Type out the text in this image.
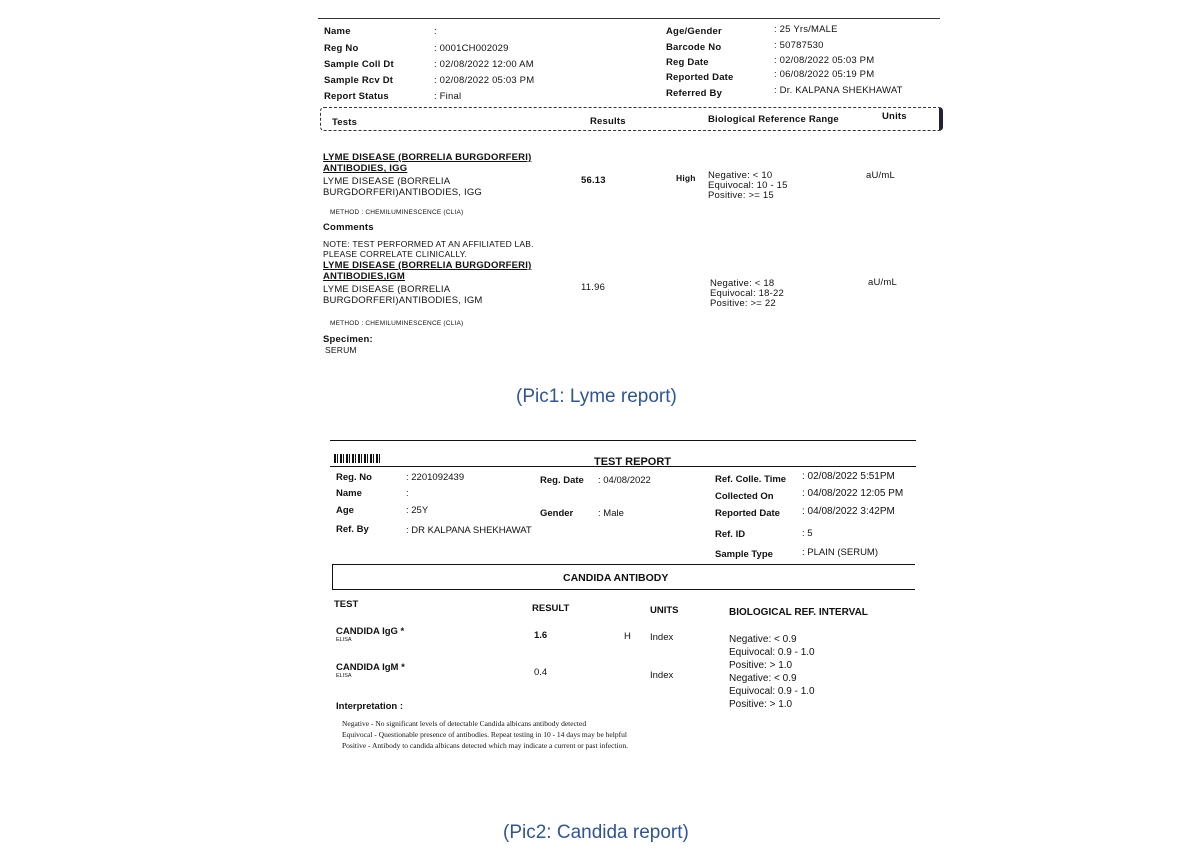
Name	:
Reg No	: 0001CH002029
Sample Coll Dt	: 02/08/2022 12:00 AM
Sample Rcv Dt	: 02/08/2022 05:03 PM
Report Status	: Final
Age/Gender	: 25 Yrs/MALE
Barcode No	: 50787530
Reg Date	: 02/08/2022 05:03 PM
Reported Date	: 06/08/2022 05:19 PM
Referred By	: Dr. KALPANA SHEKHAWAT
Tests	Results	Biological Reference Range	Units
LYME DISEASE (BORRELIA BURGDORFERI)
ANTIBODIES, IGG
LYME DISEASE (BORRELIA
BURGDORFERI)ANTIBODIES, IGG
56.13	High Negative: < 10
Equivocal: 10 - 15
Positive: >= 15
aU/mL
METHOD : CHEMILUMINESCENCE (CLIA)
Comments
NOTE: TEST PERFORMED AT AN AFFILIATED LAB.
PLEASE CORRELATE CLINICALLY.
LYME DISEASE (BORRELIA BURGDORFERI)
ANTIBODIES,IGM
LYME DISEASE (BORRELIA
BURGDORFERI)ANTIBODIES, IGM
11.96	Negative: < 18
Equivocal: 18-22
Positive: >= 22
aU/mL
METHOD : CHEMILUMINESCENCE (CLIA)
Specimen:
SERUM
(Pic1: Lyme report)
TEST REPORT
Reg. No	: 2201092439
Name	:
Age	: 25Y
Ref. By	: DR KALPANA SHEKHAWAT
Reg. Date : 04/08/2022
Gender	: Male
Ref. Colle. Time : 02/08/2022 5:51PM
Collected On	: 04/08/2022 12:05 PM
Reported Date : 04/08/2022 3:42PM
Ref. ID	: 5
Sample Type	: PLAIN (SERUM)
CANDIDA ANTIBODY
TEST	RESULT	UNITS	BIOLOGICAL REF. INTERVAL
CANDIDA IgG *
ELISA	1.6	H Index	Negative: < 0.9
Equivocal: 0.9 - 1.0
Positive: > 1.0
CANDIDA IgM *
ELISA	0.4	Index	Negative: < 0.9
Equivocal: 0.9 - 1.0
Positive: > 1.0
Interpretation :
Negative - No significant levels of detectable Candida albicans antibody detected
Equivocal - Questionable presence of antibodies. Repeat testing in 10 - 14 days may be helpful
Positive - Antibody to candida albicans detected which may indicate a current or past infection.
(Pic2: Candida report)
